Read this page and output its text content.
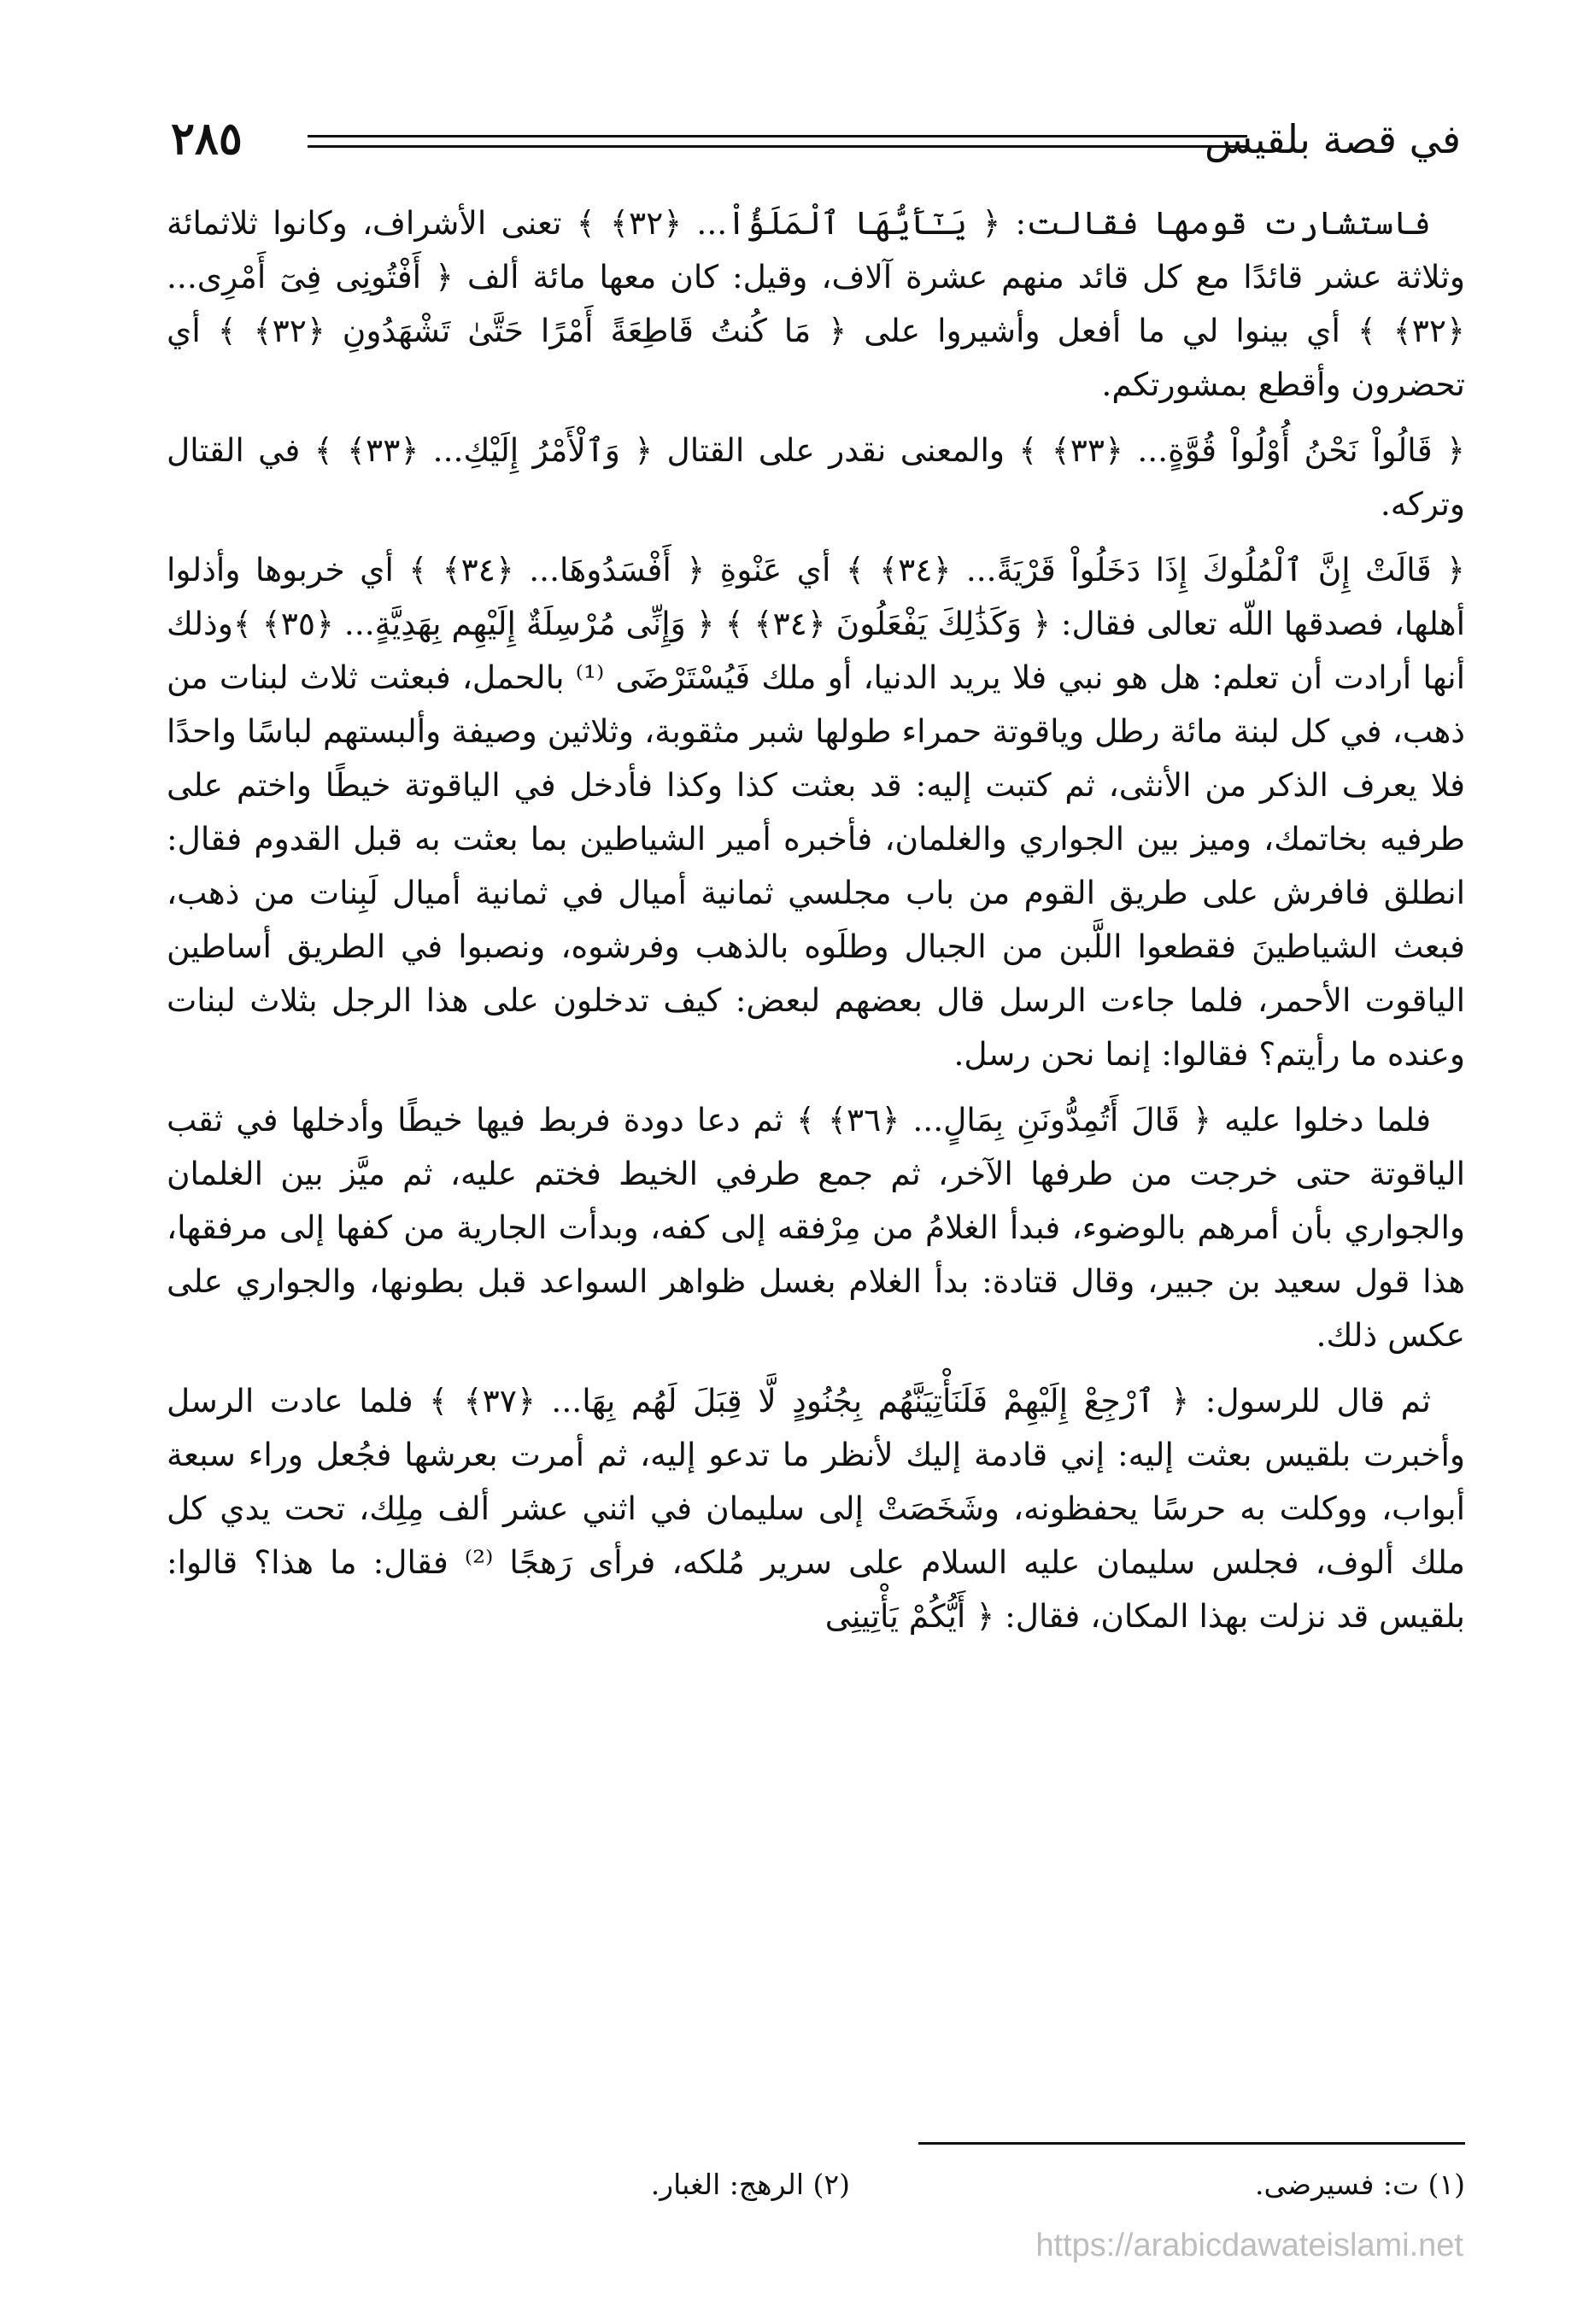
في قصة بلقيس
٢٨٥

فاستشارت قومها فقالت: ﴿ يَـٰٓأَيُّهَا ٱلْمَلَؤُاْ... ﴿٣٢﴾ ﴾ تعنى الأشراف، وكانوا ثلاثمائة وثلاثة عشر قائدًا مع كل قائد منهم عشرة آلاف، وقيل: كان معها مائة ألف ﴿ أَفْتُونِى فِىٓ أَمْرِى... ﴿٣٢﴾ ﴾ أي بينوا لي ما أفعل وأشيروا على ﴿ مَا كُنتُ قَاطِعَةً أَمْرًا حَتَّىٰ تَشْهَدُونِ ﴿٣٢﴾ ﴾ أي تحضرون وأقطع بمشورتكم.

﴿ قَالُواْ نَحْنُ أُوْلُواْ قُوَّةٍ... ﴿٣٣﴾ ﴾ والمعنى نقدر على القتال ﴿ وَٱلْأَمْرُ إِلَيْكِ... ﴿٣٣﴾ ﴾ في القتال وتركه.

﴿ قَالَتْ إِنَّ ٱلْمُلُوكَ إِذَا دَخَلُواْ قَرْيَةً... ﴿٣٤﴾ ﴾ أي عَنْوةِ ﴿ أَفْسَدُوهَا... ﴿٣٤﴾ ﴾ أي خربوها وأذلوا أهلها، فصدقها اللّه تعالى فقال: ﴿ وَكَذَٰلِكَ يَفْعَلُونَ ﴿٣٤﴾ ﴾ ﴿ وَإِنِّى مُرْسِلَةٌ إِلَيْهِم بِهَدِيَّةٍ... ﴿٣٥﴾ ﴾وذلك أنها أرادت أن تعلم: هل هو نبي فلا يريد الدنيا، أو ملك فَيُسْتَرْضَى ⁽¹⁾ بالحمل، فبعثت ثلاث لبنات من ذهب، في كل لبنة مائة رطل وياقوتة حمراء طولها شبر مثقوبة، وثلاثين وصيفة وألبستهم لباسًا واحدًا فلا يعرف الذكر من الأنثى، ثم كتبت إليه: قد بعثت كذا وكذا فأدخل في الياقوتة خيطًا واختم على طرفيه بخاتمك، وميز بين الجواري والغلمان، فأخبره أمير الشياطين بما بعثت به قبل القدوم فقال: انطلق فافرش على طريق القوم من باب مجلسي ثمانية أميال في ثمانية أميال لَبِنات من ذهب، فبعث الشياطينَ فقطعوا اللَّبن من الجبال وطلَوه بالذهب وفرشوه، ونصبوا في الطريق أساطين الياقوت الأحمر، فلما جاءت الرسل قال بعضهم لبعض: كيف تدخلون على هذا الرجل بثلاث لبنات وعنده ما رأيتم؟ فقالوا: إنما نحن رسل.

فلما دخلوا عليه ﴿ قَالَ أَتُمِدُّونَنِ بِمَالٍ... ﴿٣٦﴾ ﴾ ثم دعا دودة فربط فيها خيطًا وأدخلها في ثقب الياقوتة حتى خرجت من طرفها الآخر، ثم جمع طرفي الخيط فختم عليه، ثم ميَّز بين الغلمان والجواري بأن أمرهم بالوضوء، فبدأ الغلامُ من مِرْفقه إلى كفه، وبدأت الجارية من كفها إلى مرفقها، هذا قول سعيد بن جبير، وقال قتادة: بدأ الغلام بغسل ظواهر السواعد قبل بطونها، والجواري على عكس ذلك.

ثم قال للرسول: ﴿ ٱرْجِعْ إِلَيْهِمْ فَلَنَأْتِيَنَّهُم بِجُنُودٍ لَّا قِبَلَ لَهُم بِهَا... ﴿٣٧﴾ ﴾ فلما عادت الرسل وأخبرت بلقيس بعثت إليه: إني قادمة إليك لأنظر ما تدعو إليه، ثم أمرت بعرشها فجُعل وراء سبعة أبواب، ووكلت به حرسًا يحفظونه، وشَخَصَتْ إلى سليمان في اثني عشر ألف مِلِك، تحت يدي كل ملك ألوف، فجلس سليمان عليه السلام على سرير مُلكه، فرأى رَهجًا ⁽²⁾ فقال: ما هذا؟ قالوا: بلقيس قد نزلت بهذا المكان، فقال: ﴿ أَيُّكُمْ يَأْتِينِى

(١) ت: فسيرضى.
(٢) الرهج: الغبار.
https://arabicdawateislami.net
